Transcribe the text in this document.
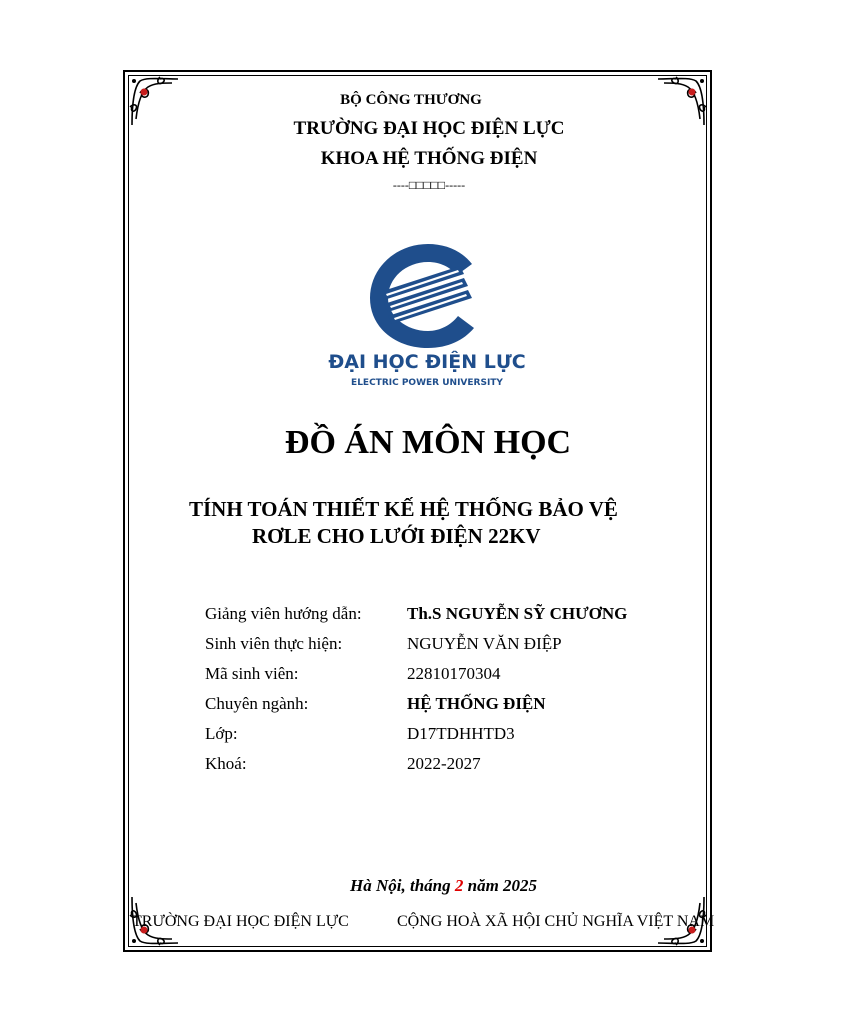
BỘ CÔNG THƯƠNG
TRƯỜNG ĐẠI HỌC ĐIỆN LỰC
KHOA HỆ THỐNG ĐIỆN
----□□□□□-----
ĐẠI HỌC ĐIỆN LỰC
ELECTRIC POWER UNIVERSITY
ĐỒ ÁN MÔN HỌC
TÍNH TOÁN THIẾT KẾ HỆ THỐNG BẢO VỆ
RƠLE CHO LƯỚI ĐIỆN 22KV
Giảng viên hướng dẫn:	Th.S NGUYỄN SỸ CHƯƠNG
Sinh viên thực hiện:	NGUYỄN VĂN ĐIỆP
Mã sinh viên:	22810170304
Chuyên ngành:	HỆ THỐNG ĐIỆN
Lớp:	D17TDHHTD3
Khoá:	2022-2027
Hà Nội, tháng 2 năm 2025
TRƯỜNG ĐẠI HỌC ĐIỆN LỰC	CỘNG HOÀ XÃ HỘI CHỦ NGHĨA VIỆT NAM
